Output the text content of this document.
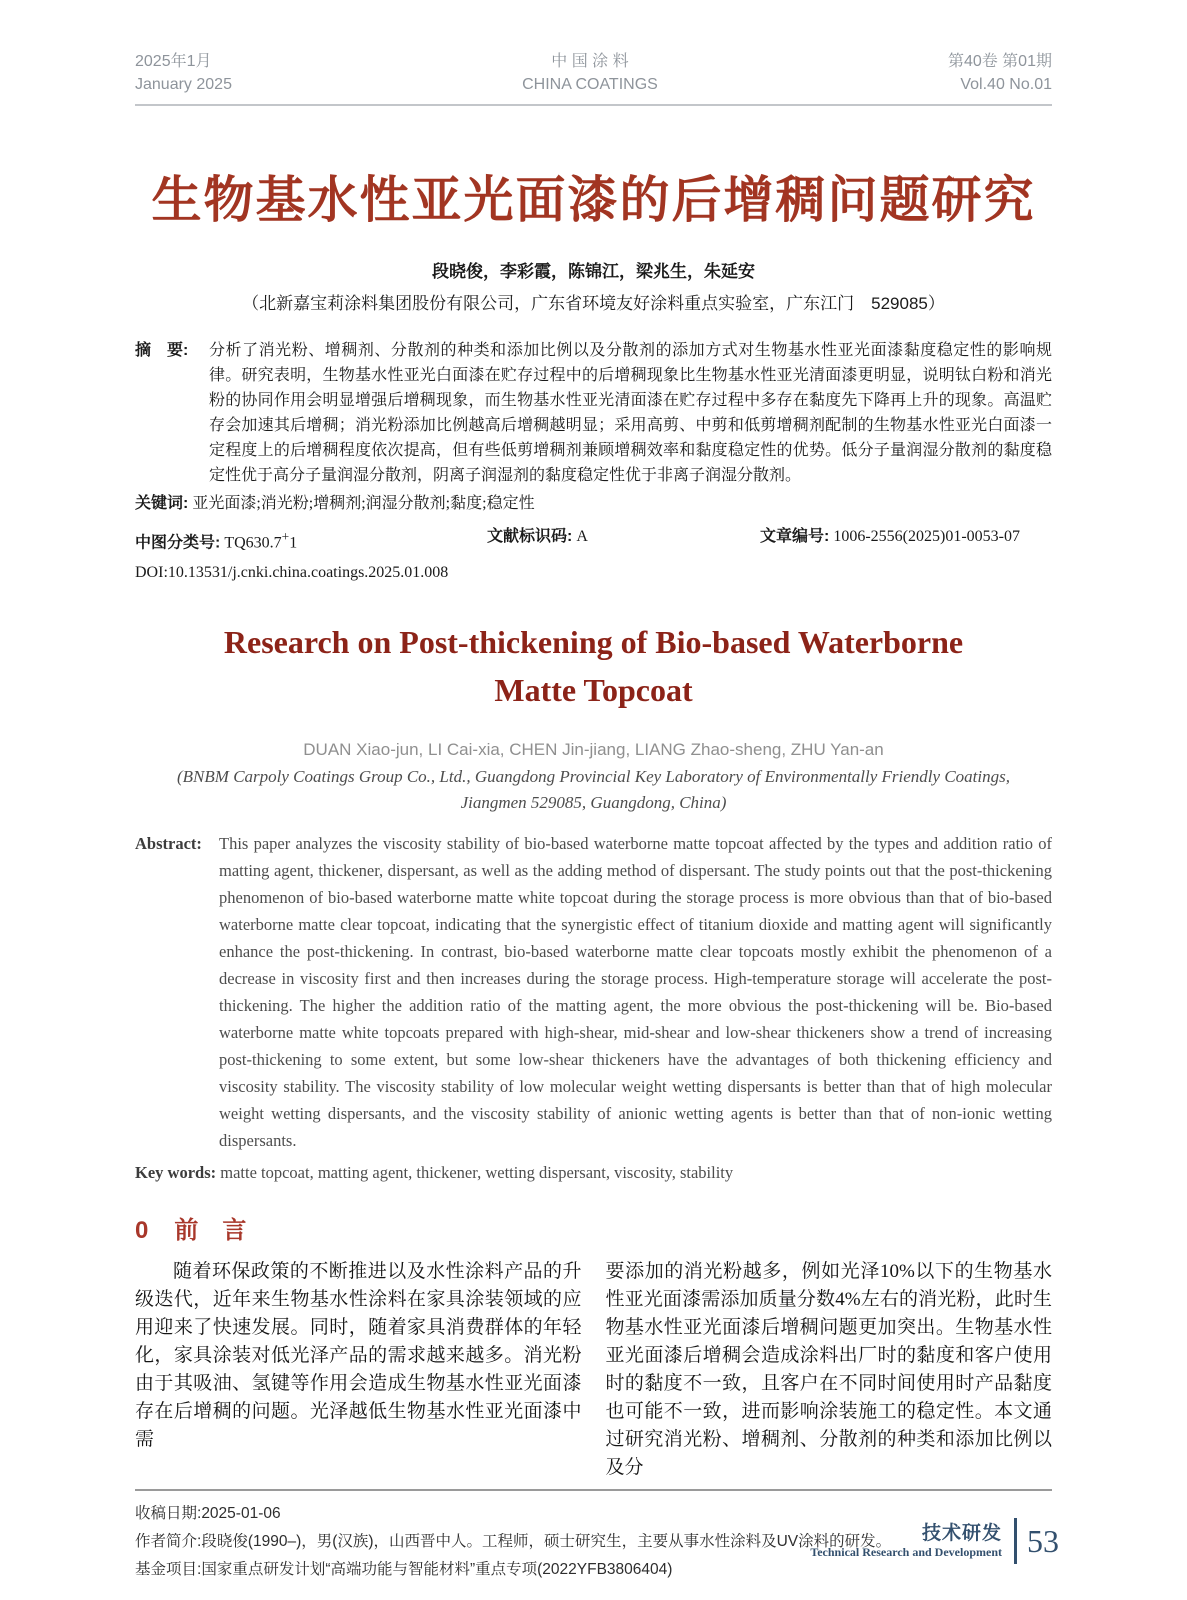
2025年1月
January 2025
中 国 涂 料
CHINA COATINGS
第40卷 第01期
Vol.40 No.01
生物基水性亚光面漆的后增稠问题研究
段晓俊，李彩霞，陈锦江，梁兆生，朱延安
（北新嘉宝莉涂料集团股份有限公司，广东省环境友好涂料重点实验室，广东江门　529085）
摘　要:	分析了消光粉、增稠剂、分散剂的种类和添加比例以及分散剂的添加方式对生物基水性亚光面漆黏度稳定性的影响规律。研究表明，生物基水性亚光白面漆在贮存过程中的后增稠现象比生物基水性亚光清面漆更明显，说明钛白粉和消光粉的协同作用会明显增强后增稠现象，而生物基水性亚光清面漆在贮存过程中多存在黏度先下降再上升的现象。高温贮存会加速其后增稠；消光粉添加比例越高后增稠越明显；采用高剪、中剪和低剪增稠剂配制的生物基水性亚光白面漆一定程度上的后增稠程度依次提高，但有些低剪增稠剂兼顾增稠效率和黏度稳定性的优势。低分子量润湿分散剂的黏度稳定性优于高分子量润湿分散剂，阴离子润湿剂的黏度稳定性优于非离子润湿分散剂。
关键词: 亚光面漆;消光粉;增稠剂;润湿分散剂;黏度;稳定性
中图分类号: TQ630.7+1	文献标识码: A	文章编号: 1006-2556(2025)01-0053-07
DOI:10.13531/j.cnki.china.coatings.2025.01.008
Research on Post-thickening of Bio-based Waterborne
Matte Topcoat
DUAN Xiao-jun, LI Cai-xia, CHEN Jin-jiang, LIANG Zhao-sheng, ZHU Yan-an
(BNBM Carpoly Coatings Group Co., Ltd., Guangdong Provincial Key Laboratory of Environmentally Friendly Coatings,
Jiangmen 529085, Guangdong, China)
Abstract:	This paper analyzes the viscosity stability of bio-based waterborne matte topcoat affected by the types and addition ratio of matting agent, thickener, dispersant, as well as the adding method of dispersant. The study points out that the post-thickening phenomenon of bio-based waterborne matte white topcoat during the storage process is more obvious than that of bio-based waterborne matte clear topcoat, indicating that the synergistic effect of titanium dioxide and matting agent will significantly enhance the post-thickening. In contrast, bio-based waterborne matte clear topcoats mostly exhibit the phenomenon of a decrease in viscosity first and then increases during the storage process. High-temperature storage will accelerate the post-thickening. The higher the addition ratio of the matting agent, the more obvious the post-thickening will be. Bio-based waterborne matte white topcoats prepared with high-shear, mid-shear and low-shear thickeners show a trend of increasing post-thickening to some extent, but some low-shear thickeners have the advantages of both thickening efficiency and viscosity stability. The viscosity stability of low molecular weight wetting dispersants is better than that of high molecular weight wetting dispersants, and the viscosity stability of anionic wetting agents is better than that of non-ionic wetting dispersants.
Key words: matte topcoat, matting agent, thickener, wetting dispersant, viscosity, stability
0 前　言
随着环保政策的不断推进以及水性涂料产品的升级迭代，近年来生物基水性涂料在家具涂装领域的应用迎来了快速发展。同时，随着家具消费群体的年轻化，家具涂装对低光泽产品的需求越来越多。消光粉由于其吸油、氢键等作用会造成生物基水性亚光面漆存在后增稠的问题。光泽越低生物基水性亚光面漆中需
要添加的消光粉越多，例如光泽10%以下的生物基水性亚光面漆需添加质量分数4%左右的消光粉，此时生物基水性亚光面漆后增稠问题更加突出。生物基水性亚光面漆后增稠会造成涂料出厂时的黏度和客户使用时的黏度不一致，且客户在不同时间使用时产品黏度也可能不一致，进而影响涂装施工的稳定性。本文通过研究消光粉、增稠剂、分散剂的种类和添加比例以及分
收稿日期:2025-01-06
作者简介:段晓俊(1990–)，男(汉族)，山西晋中人。工程师，硕士研究生，主要从事水性涂料及UV涂料的研发。
基金项目:国家重点研发计划“高端功能与智能材料”重点专项(2022YFB3806404)
技术研发
Technical Research and Development 53
